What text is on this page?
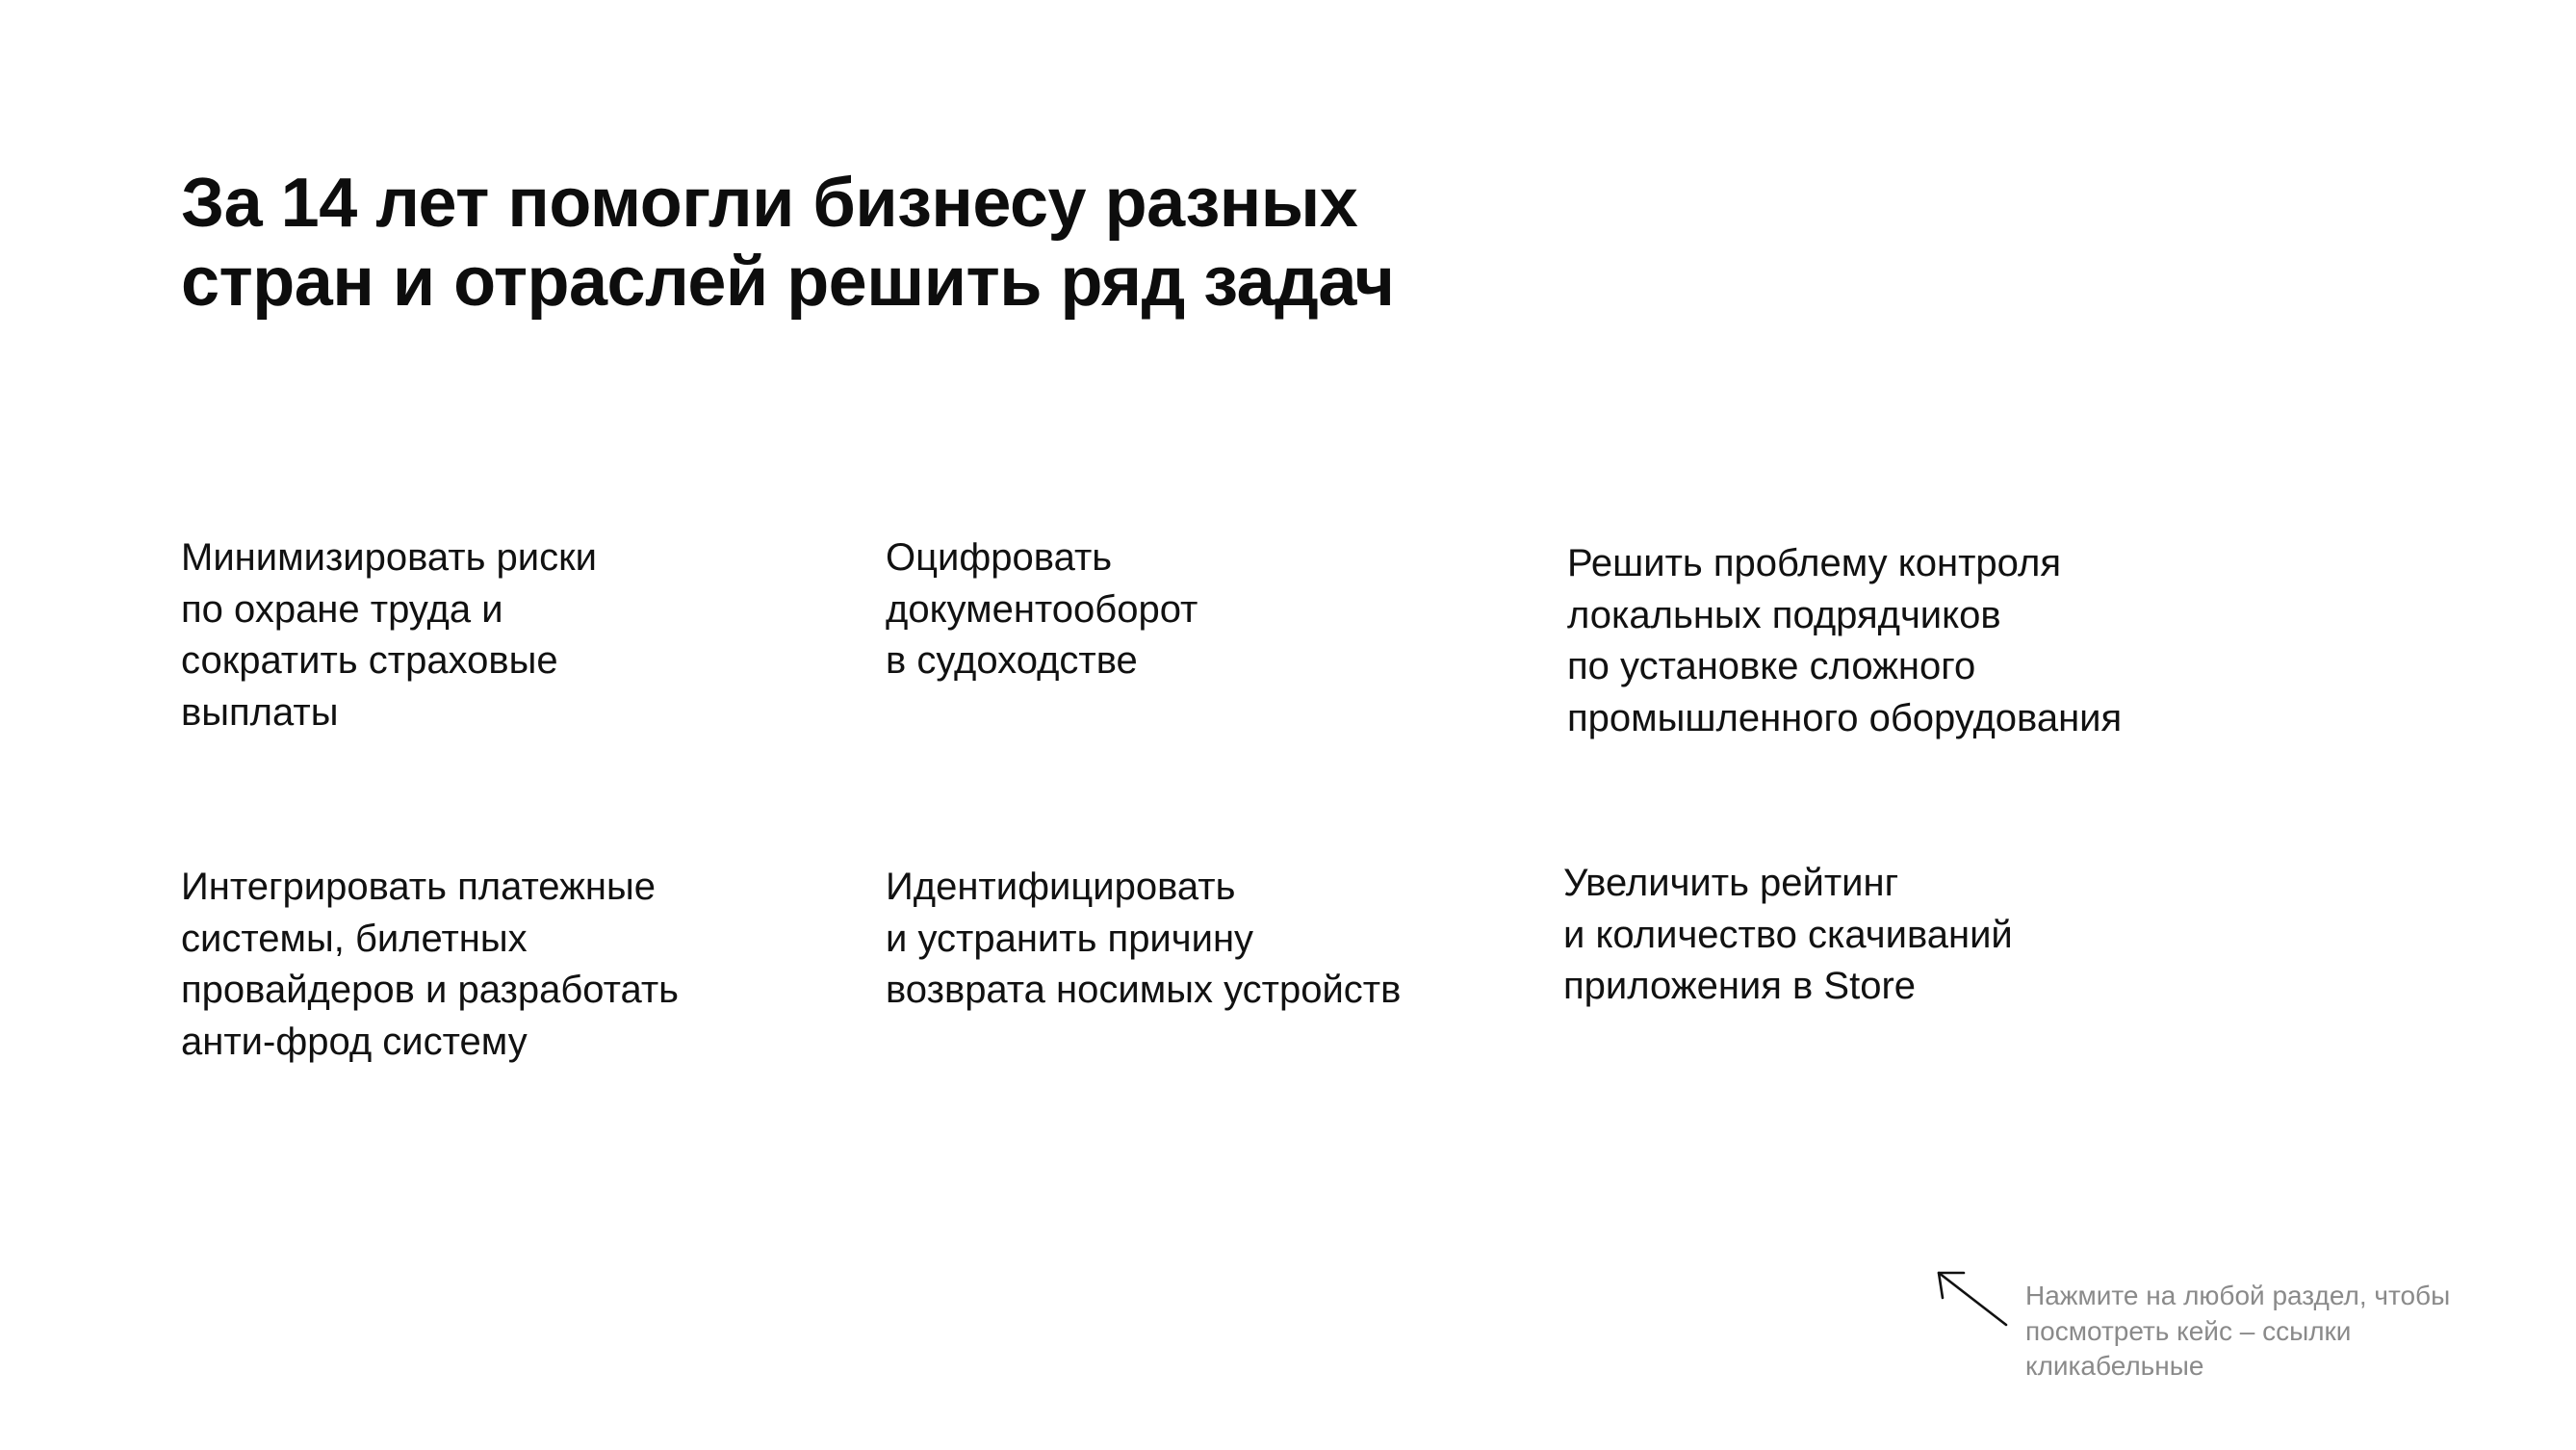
За 14 лет помогли бизнесу разных
стран и отраслей решить ряд задач
Минимизировать риски
по охране труда и
сократить страховые
выплаты
Оцифровать
документооборот
в судоходстве
Решить проблему контроля
локальных подрядчиков
по установке сложного
промышленного оборудования
Интегрировать платежные
системы, билетных
провайдеров и разработать
анти-фрод систему
Идентифицировать
и устранить причину
возврата носимых устройств
Увеличить рейтинг
и количество скачиваний
приложения в Store
Нажмите на любой раздел, чтобы
посмотреть кейс – ссылки
кликабельные
